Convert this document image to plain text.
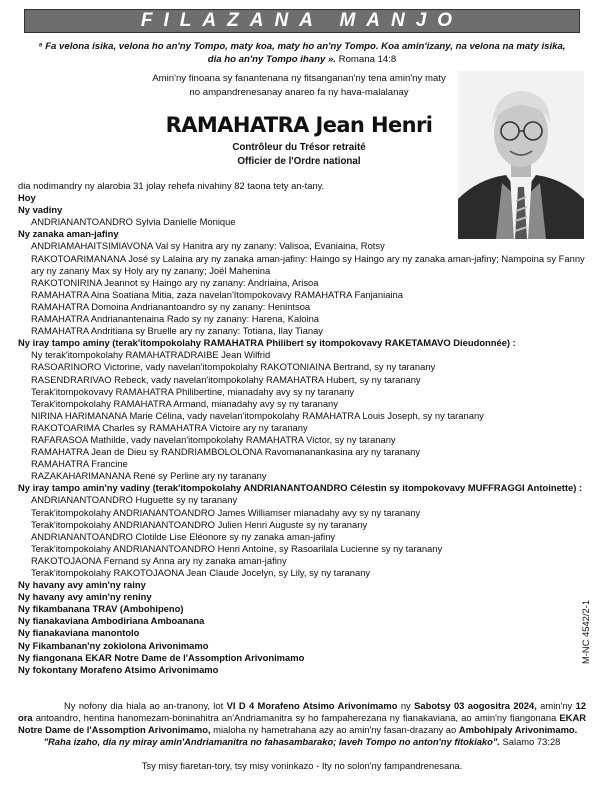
FILAZANA MANJO
⁸ Fa velona isika, velona ho an'ny Tompo, maty koa, maty ho an'ny Tompo. Koa amin'izany, na velona na maty isika, dia ho an'ny Tompo ihany ». Romana 14:8
Amin'ny finoana sy fanantenana ny fitsanganan'ny tena amin'ny maty no ampandrenesanay anareo fa ny hava-malalanay
RAMAHATRA Jean Henri
Contrôleur du Trésor retraité
Officier de l'Ordre national
dia nodimandry ny alarobia 31 jolay rehefa nivahiny 82 taona tety an-tany.
Hoy
Ny vadiny
ANDRIANANTOANDRO Sylvia Danielle Monique
Ny zanaka aman-jafiny
ANDRIAMAHAITSIMIAVONA Val sy Hanitra ary ny zanany: Valisoa, Evaniaina, Rotsy
RAKOTOARIMANANA José sy Lalaina ary ny zanaka aman-jafiny: Haingo sy Haingo ary ny zanaka aman-jafiny; Nampoina sy Fanny ary ny zanany Max sy Holy ary ny zanany; Joël Mahenina
RAKOTONIRINA Jeannot sy Haingo ary ny zanany: Andriaina, Arisoa
RAMAHATRA Aina Soatiana Mitia, zaza navelan'Itompokovavy RAMAHATRA Fanjaniaina
RAMAHATRA Domoina Andrianantoandro sy ny zanany: Henintsoa
RAMAHATRA Andrianantenaina Rado sy ny zanany: Harena, Kaloina
RAMAHATRA Andritiana sy Bruelle ary ny zanany: Totiana, Ilay Tianay
Ny iray tampo aminy (terak'itompokolahy RAMAHATRA Philibert sy itompokovavy RAKETAMAVO Dieudonnée) :
Ny terak'itompokolahy RAMAHATRADRAIBE Jean Wilfrid
RASOARINORO Victorine, vady navelan'itompokolahy RAKOTONIAINA Bertrand, sy ny taranany
RASENDRARIVAO Rebeck, vady navelan'itompokolahy RAMAHATRA Hubert, sy ny taranany
Terak'itompokovavy RAMAHATRA Philibertine, mianadahy avy sy ny taranany
Terak'itompokolahy RAMAHATRA Armand, mianadahy avy sy ny taranany
NIRINA HARIMANANA Marie Célina, vady navelan'itompokolahy RAMAHATRA Louis Joseph, sy ny taranany
RAKOTOARIMA Charles sy RAMAHATRA Victoire ary ny taranany
RAFARASOA Mathilde, vady navelan'itompokolahy RAMAHATRA Victor, sy ny taranany
RAMAHATRA Jean de Dieu sy RANDRIAMBOLOLONA Ravomananankasina ary ny taranany
RAMAHATRA Francine
RAZAKAHARIMANANA René sy Perline ary ny taranany
Ny iray tampo amin'ny vadiny (terak'itompokolahy ANDRIANANTOANDRO Célestin sy itompokovavy MUFFRAGGI Antoinette) :
ANDRIANANTOANDRO Huguette sy ny taranany
Terak'itompokolahy ANDRIANANTOANDRO James Williamser mianadahy avy sy ny taranany
Terak'itompokolahy ANDRIANANTOANDRO Julien Henri Auguste sy ny taranany
ANDRIANANTOANDRO Clotilde Lise Eléonore sy ny zanaka aman-jafiny
Terak'itompokolahy ANDRIANANTOANDRO Henri Antoine, sy Rasoarilala Lucienne sy ny taranany
RAKOTOJAONA Fernand sy Anna ary ny zanaka aman-jafiny
Terak'itompokolahy RAKOTOJAONA Jean Claude Jocelyn, sy Lily, sy ny taranany
Ny havany avy amin'ny rainy
Ny havany avy amin'ny reniny
Ny fikambanana TRAV (Ambohipeno)
Ny fianakaviana Ambodiriana Amboanana
Ny fianakaviana manontolo
Ny Fikambanan'ny zokiolona Arivonimamo
Ny fiangonana EKAR Notre Dame de l'Assomption Arivonimamo
Ny fokontany Morafeno Atsimo Arivonimamo
Ny nofony dia hiala ao an-tranony, lot VI D 4 Morafeno Atsimo Arivonimamo ny Sabotsy 03 aogositra 2024, amin'ny 12 ora antoandro, hentina hanomezam-boninahitra an'Andriamanitra sy ho fampaherezana ny fianakaviana, ao amin'ny fiangonana EKAR Notre Dame de l'Assomption Arivonimamo, mialoha ny hametrahana azy ao amin'ny fasan-drazany ao Ambohipaly Arivonimamo.
"Raha izaho, dia ny miray amin'Andriamanitra no fahasambarako; laveh Tompo no anton'ny fitokiako". Salamo 73:28
Tsy misy fiaretan-tory, tsy misy voninkazo - Ity no solon'ny fampandrenesana.
M-NC 4542/2-1
